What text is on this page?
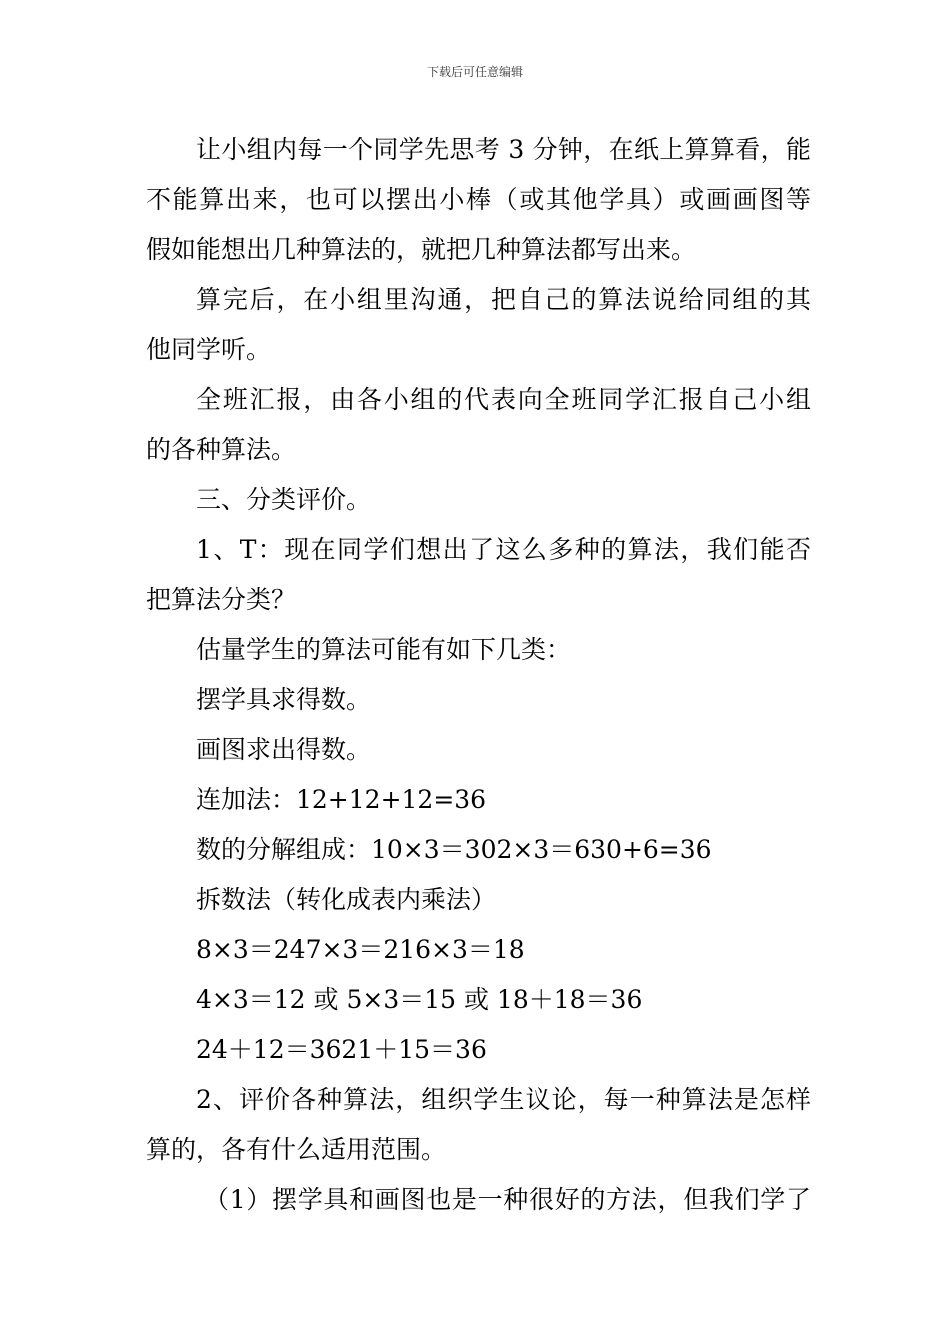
下载后可任意编辑
让小组内每一个同学先思考 3 分钟，在纸上算算看，能
不能算出来，也可以摆出小棒（或其他学具）或画画图等
假如能想出几种算法的，就把几种算法都写出来。
算完后，在小组里沟通，把自己的算法说给同组的其
他同学听。
全班汇报，由各小组的代表向全班同学汇报自己小组
的各种算法。
三、分类评价。
1、T：现在同学们想出了这么多种的算法，我们能否
把算法分类？
估量学生的算法可能有如下几类：
摆学具求得数。
画图求出得数。
连加法：12+12+12=36
数的分解组成：10×3＝302×3＝630+6=36
拆数法（转化成表内乘法）
8×3＝247×3＝216×3＝18
4×3＝12 或 5×3＝15 或 18＋18＝36
24＋12＝3621＋15＝36
2、评价各种算法，组织学生议论，每一种算法是怎样
算的，各有什么适用范围。
（1）摆学具和画图也是一种很好的方法，但我们学了
